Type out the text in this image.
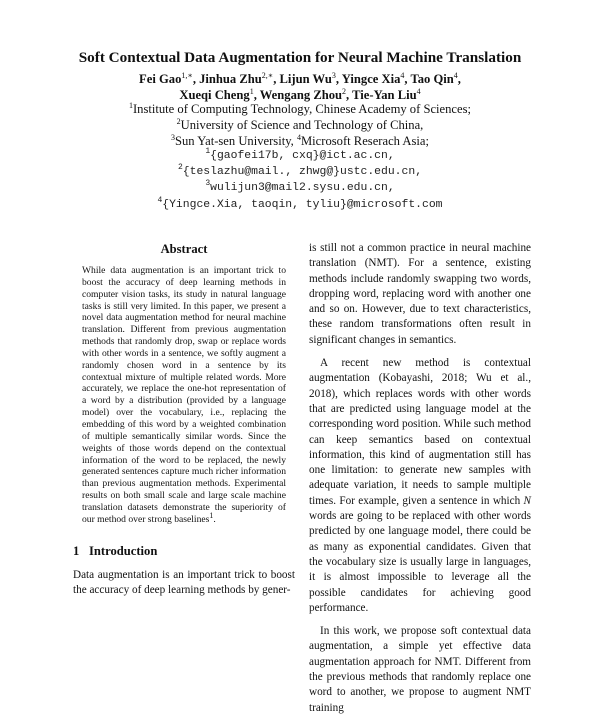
Soft Contextual Data Augmentation for Neural Machine Translation
Fei Gao$^{1,∗}$, Jinhua Zhu$^{2,∗}$, Lijun Wu$^3$, Yingce Xia$^4$, Tao Qin$^4$,
Xueqi Cheng$^1$, Wengang Zhou$^2$, Tie-Yan Liu$^4$
$^1$Institute of Computing Technology, Chinese Academy of Sciences;
$^2$University of Science and Technology of China,
$^3$Sun Yat-sen University, $^4$Microsoft Reserach Asia;
$^1${gaofei17b, cxq}@ict.ac.cn,
$^2${teslazhu@mail., zhwg@}ustc.edu.cn,
$^3$wulijun3@mail2.sysu.edu.cn,
$^4${Yingce.Xia, taoqin, tyliu}@microsoft.com
Abstract

While data augmentation is an important trick to boost the accuracy of deep learning methods in computer vision tasks, its study in natural language tasks is still very limited. In this paper, we present a novel data augmentation method for neural machine translation. Different from previous augmentation methods that randomly drop, swap or replace words with other words in a sentence, we softly augment a randomly chosen word in a sentence by its contextual mixture of multiple related words. More accurately, we replace the one-hot representation of a word by a distribution (provided by a language model) over the vocabulary, i.e., replacing the embedding of this word by a weighted combination of multiple semantically similar words. Since the weights of those words depend on the contextual information of the word to be replaced, the newly generated sentences capture much richer information than previous augmentation methods. Experimental results on both small scale and large scale machine translation datasets demonstrate the superiority of our method over strong baselines$^1$.

1 Introduction

Data augmentation is an important trick to boost the accuracy of deep learning methods by gener-

is still not a common practice in neural machine translation (NMT). For a sentence, existing methods include randomly swapping two words, dropping word, replacing word with another one and so on. However, due to text characteristics, these random transformations often result in significant changes in semantics.

A recent new method is contextual augmentation (Kobayashi, 2018; Wu et al., 2018), which replaces words with other words that are predicted using language model at the corresponding word position. While such method can keep semantics based on contextual information, this kind of augmentation still has one limitation: to generate new samples with adequate variation, it needs to sample multiple times. For example, given a sentence in which N words are going to be replaced with other words predicted by one language model, there could be as many as exponential candidates. Given that the vocabulary size is usually large in languages, it is almost impossible to leverage all the possible candidates for achieving good performance.

In this work, we propose soft contextual data augmentation, a simple yet effective data augmentation approach for NMT. Different from the previous methods that randomly replace one word to another, we propose to augment NMT training
